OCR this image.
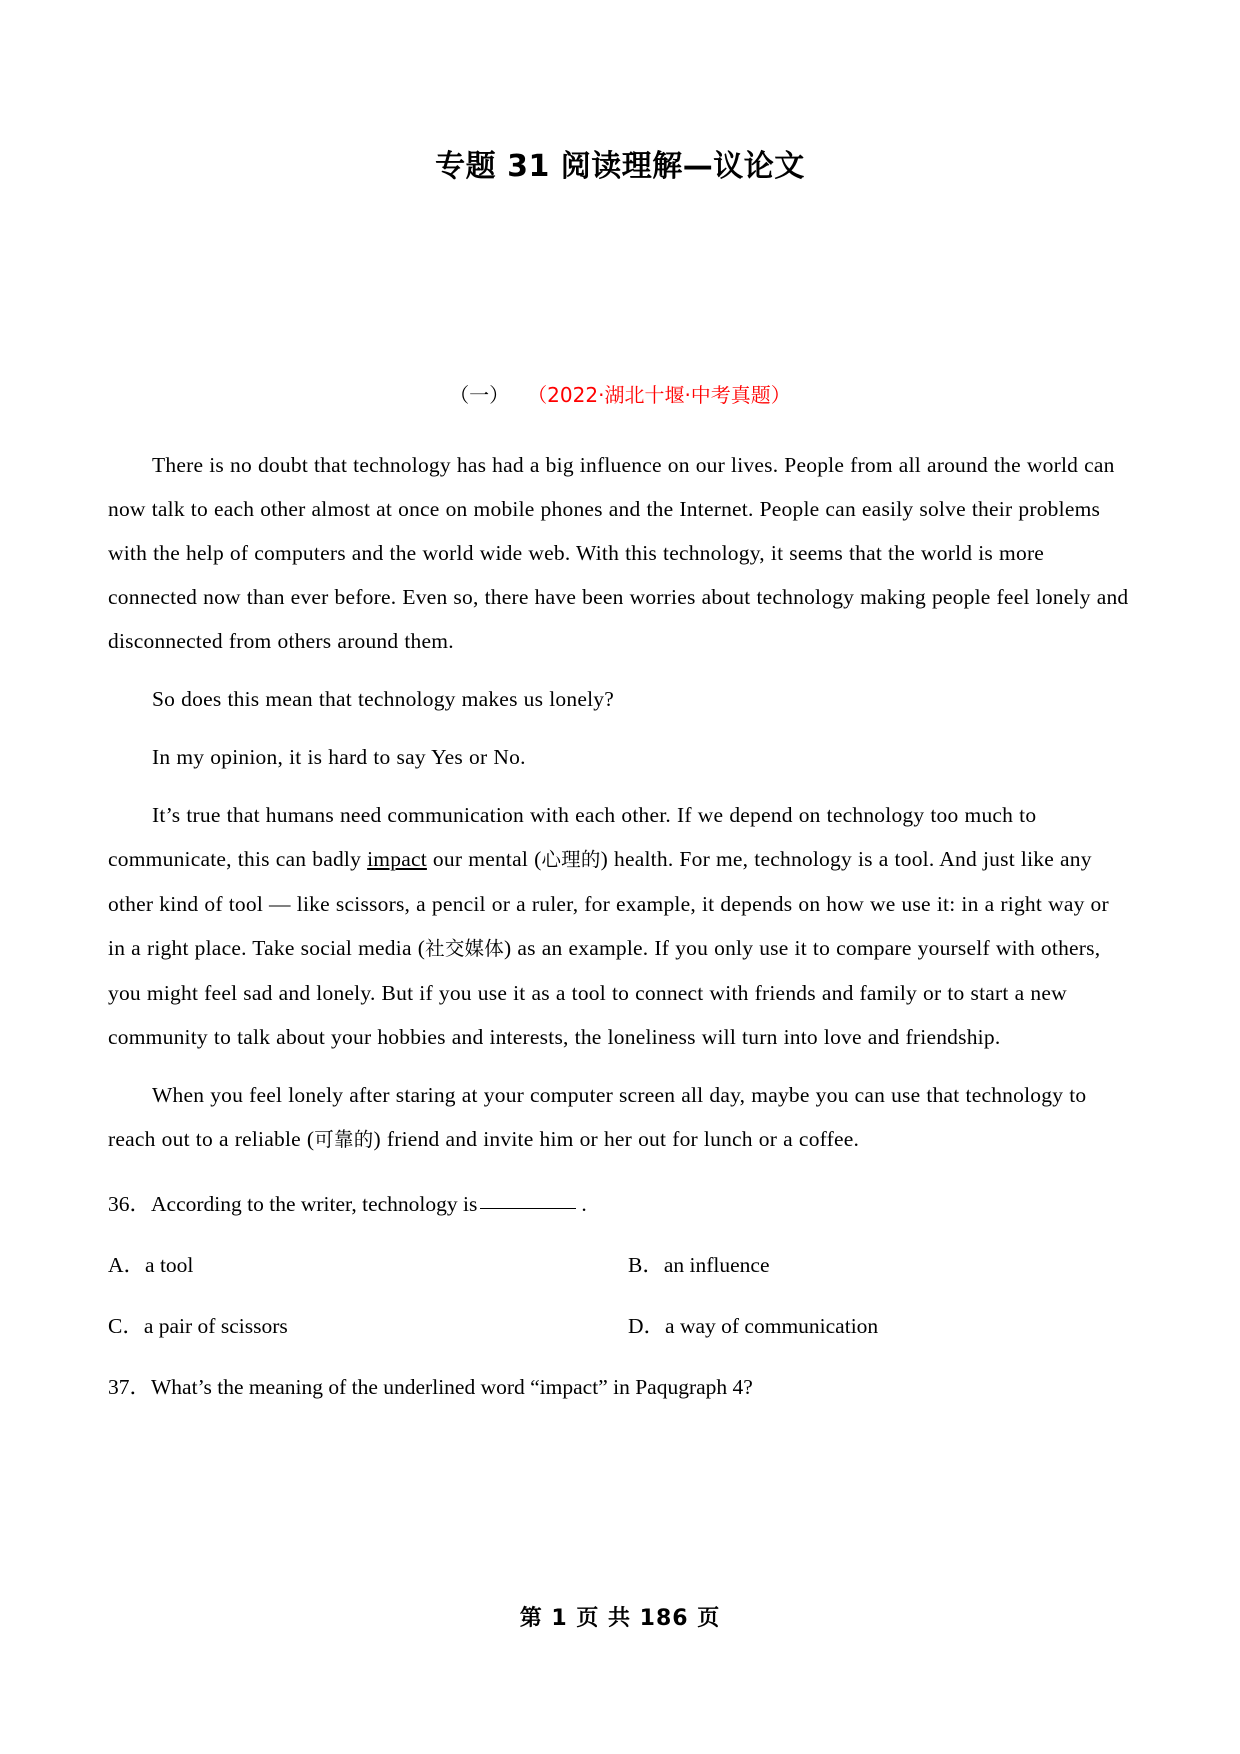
专题 31 阅读理解—议论文
（一） （2022·湖北十堰·中考真题）

There is no doubt that technology has had a big influence on our lives. People from all around the world can now talk to each other almost at once on mobile phones and the Internet. People can easily solve their problems with the help of computers and the world wide web. With this technology, it seems that the world is more connected now than ever before. Even so, there have been worries about technology making people feel lonely and disconnected from others around them.

So does this mean that technology makes us lonely?

In my opinion, it is hard to say Yes or No.

It’s true that humans need communication with each other. If we depend on technology too much to communicate, this can badly impact our mental (心理的) health. For me, technology is a tool. And just like any other kind of tool — like scissors, a pencil or a ruler, for example, it depends on how we use it: in a right way or in a right place. Take social media (社交媒体) as an example. If you only use it to compare yourself with others, you might feel sad and lonely. But if you use it as a tool to connect with friends and family or to start a new community to talk about your hobbies and interests, the loneliness will turn into love and friendship.

When you feel lonely after staring at your computer screen all day, maybe you can use that technology to reach out to a reliable (可靠的) friend and invite him or her out for lunch or a coffee.

36．According to the writer, technology is	.

A．a tool	B．an influence
C．a pair of scissors	D．a way of communication

37．What’s the meaning of the underlined word “impact” in Paqugraph 4?

第 1 页 共 186 页
